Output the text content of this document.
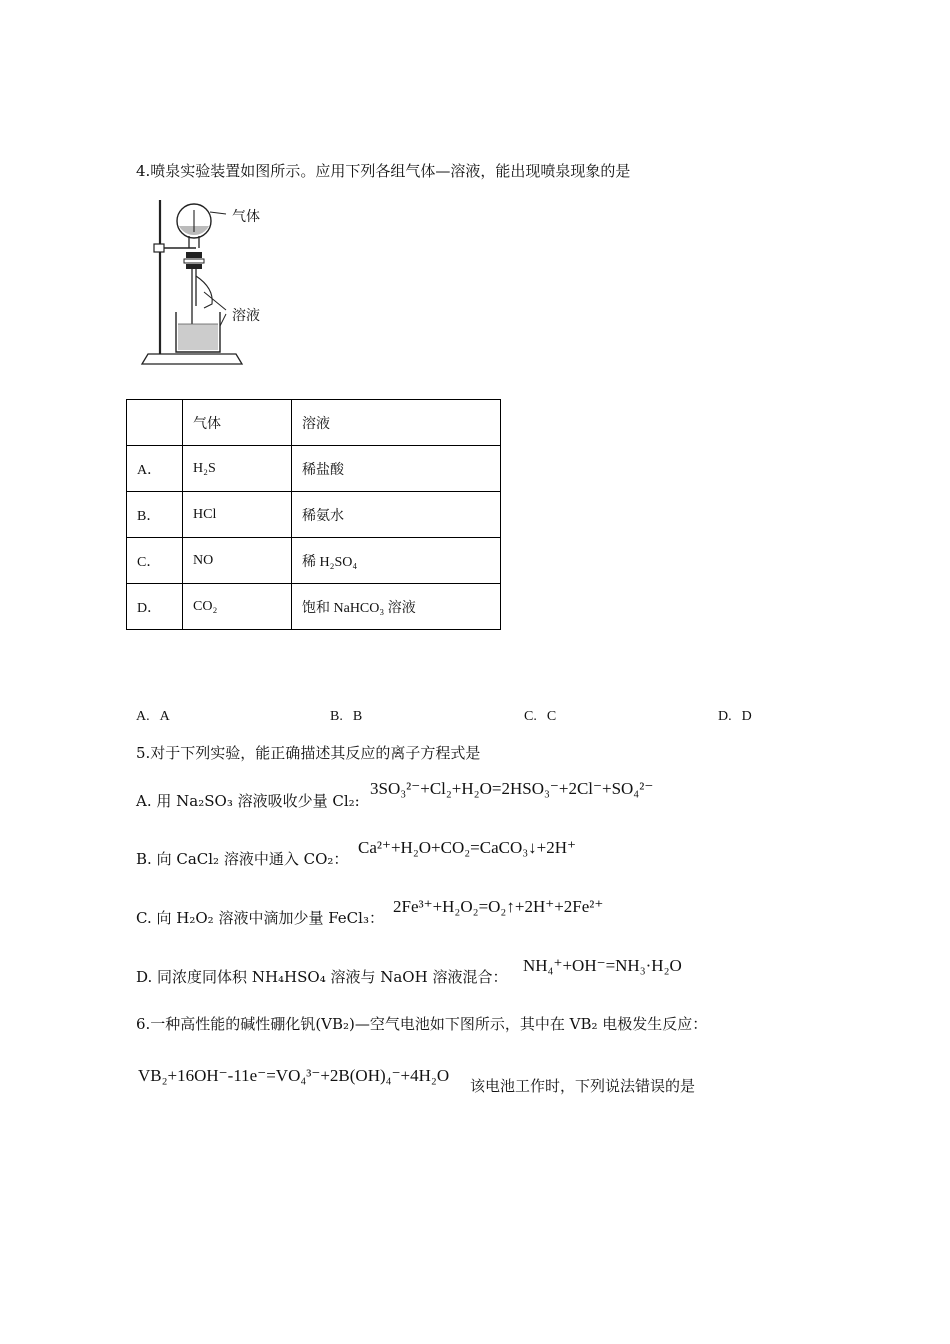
4.喷泉实验装置如图所示。应用下列各组气体—溶液，能出现喷泉现象的是
气体
溶液
	气体	溶液
A．	H₂S	稀盐酸
B．	HCl	稀氨水
C．	NO	稀 H₂SO₄
D．	CO₂	饱和 NaHCO₃ 溶液
A. A	B. B	C. C	D. D
5.对于下列实验，能正确描述其反应的离子方程式是
A. 用 Na₂SO₃ 溶液吸收少量 Cl₂:
3SO₃²⁻+Cl₂+H₂O=2HSO₃⁻+2Cl⁻+SO₄²⁻
B. 向 CaCl₂ 溶液中通入 CO₂：
Ca²⁺+H₂O+CO₂=CaCO₃↓+2H⁺
C. 向 H₂O₂ 溶液中滴加少量 FeCl₃：
2Fe³⁺+H₂O₂=O₂↑+2H⁺+2Fe²⁺
D. 同浓度同体积 NH₄HSO₄ 溶液与 NaOH 溶液混合：
NH₄⁺+OH⁻=NH₃·H₂O
6.一种高性能的碱性硼化钒(VB₂)—空气电池如下图所示，其中在 VB₂ 电极发生反应：
VB₂+16OH⁻-11e⁻=VO₄³⁻+2B(OH)₄⁻+4H₂O
该电池工作时，下列说法错误的是
